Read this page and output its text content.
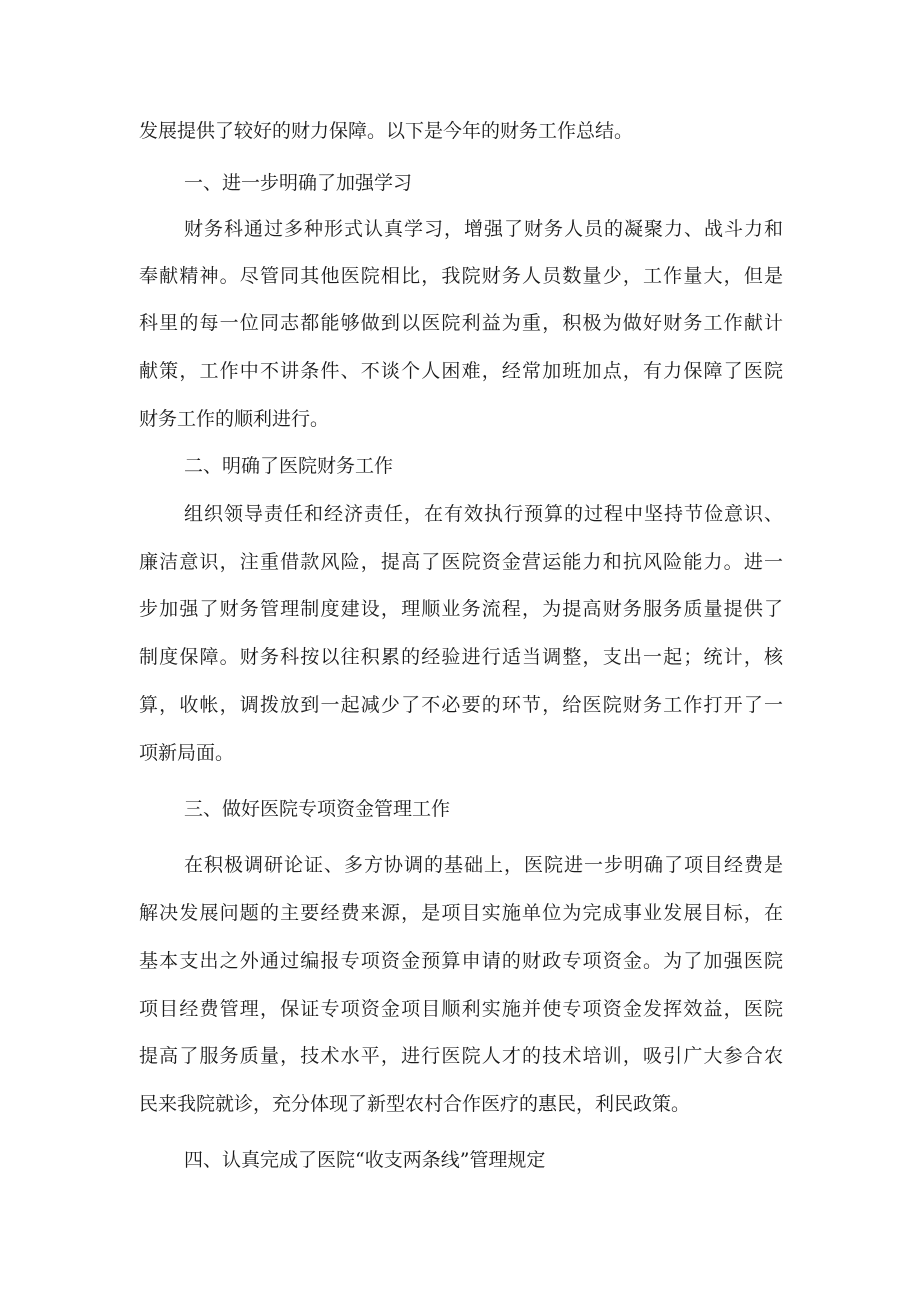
发展提供了较好的财力保障。以下是今年的财务工作总结。
一、进一步明确了加强学习
财务科通过多种形式认真学习，增强了财务人员的凝聚力、战斗力和
奉献精神。尽管同其他医院相比，我院财务人员数量少，工作量大，但是
科里的每一位同志都能够做到以医院利益为重，积极为做好财务工作献计
献策，工作中不讲条件、不谈个人困难，经常加班加点，有力保障了医院
财务工作的顺利进行。
二、明确了医院财务工作
组织领导责任和经济责任，在有效执行预算的过程中坚持节俭意识、
廉洁意识，注重借款风险，提高了医院资金营运能力和抗风险能力。进一
步加强了财务管理制度建设，理顺业务流程，为提高财务服务质量提供了
制度保障。财务科按以往积累的经验进行适当调整，支出一起；统计，核
算，收帐，调拨放到一起减少了不必要的环节，给医院财务工作打开了一
项新局面。
三、做好医院专项资金管理工作
在积极调研论证、多方协调的基础上，医院进一步明确了项目经费是
解决发展问题的主要经费来源，是项目实施单位为完成事业发展目标，在
基本支出之外通过编报专项资金预算申请的财政专项资金。为了加强医院
项目经费管理，保证专项资金项目顺利实施并使专项资金发挥效益，医院
提高了服务质量，技术水平，进行医院人才的技术培训，吸引广大参合农
民来我院就诊，充分体现了新型农村合作医疗的惠民，利民政策。
四、认真完成了医院“收支两条线”管理规定
